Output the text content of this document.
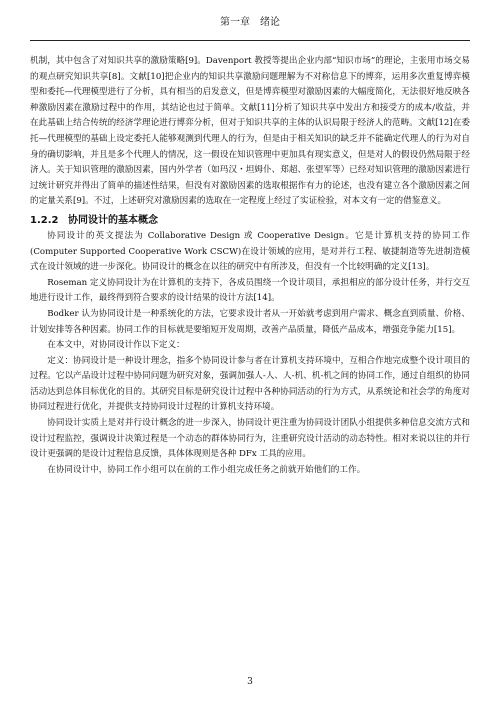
第一章　绪论

机制，其中包含了对知识共享的激励策略[9]。Davenport 教授等提出企业内部“知识市场”的理论，主张用市场交易的观点研究知识共享[8]。文献[10]把企业内的知识共享激励问题理解为不对称信息下的博弈，运用多次重复博弈模型和委托—代理模型进行了分析，具有相当的启发意义，但是博弈模型对激励因素的大幅度简化，无法很好地反映各种激励因素在激励过程中的作用，其结论也过于简单。文献[11]分析了知识共享中发出方和接受方的成本/收益，并在此基础上结合传统的经济学理论进行博弈分析，但对于知识共享的主体的认识局限于经济人的范畴。文献[12]在委托—代理模型的基础上设定委托人能够观测到代理人的行为，但是由于相关知识的缺乏并不能确定代理人的行为对自身的确切影响，并且是多个代理人的情况，这一假设在知识管理中更加具有现实意义，但是对人的假设仍然局限于经济人。关于知识管理的激励因素，国内外学者（如玛汉・坦姆仆、郑超、张望军等）已经对知识管理的激励因素进行过统计研究并得出了简单的描述性结果，但没有对激励因素的选取根据作有力的论述，也没有建立各个激励因素之间的定量关系[9]。不过，上述研究对激励因素的选取在一定程度上经过了实证检验，对本文有一定的借鉴意义。

1.2.2 协同设计的基本概念

协同设计的英文提法为 Collaborative Design 或 Cooperative Design。它是计算机支持的协同工作(Computer Supported Cooperative Work CSCW)在设计领域的应用，是对并行工程、敏捷制造等先进制造模式在设计领域的进一步深化。协同设计的概念在以往的研究中有所涉及，但没有一个比较明确的定义[13]。

Roseman 定义协同设计为在计算机的支持下，各成员围绕一个设计项目，承担相应的部分设计任务，并行交互地进行设计工作，最终得到符合要求的设计结果的设计方法[14]。

Bodker 认为协同设计是一种系统化的方法，它要求设计者从一开始就考虑到用户需求、概念直到质量、价格、计划安排等各种因素。协同工作的目标就是要缩短开发周期，改善产品质量，降低产品成本，增强竞争能力[15]。

在本文中，对协同设计作以下定义：

定义：协同设计是一种设计理念，指多个协同设计参与者在计算机支持环境中，互相合作地完成整个设计项目的过程。它以产品设计过程中协同问题为研究对象，强调加强人-人、人-机、机-机之间的协同工作，通过自组织的协同活动达到总体目标优化的目的。其研究目标是研究设计过程中各种协同活动的行为方式，从系统论和社会学的角度对协同过程进行优化，并提供支持协同设计过程的计算机支持环境。

协同设计实质上是对并行设计概念的进一步深入，协同设计更注重为协同设计团队小组提供多种信息交流方式和设计过程监控，强调设计决策过程是一个动态的群体协同行为，注重研究设计活动的动态特性。相对来说以往的并行设计更强调的是设计过程信息反馈，具体体现则是各种 DFx 工具的应用。

在协同设计中，协同工作小组可以在前的工作小组完成任务之前就开始他们的工作。

3
